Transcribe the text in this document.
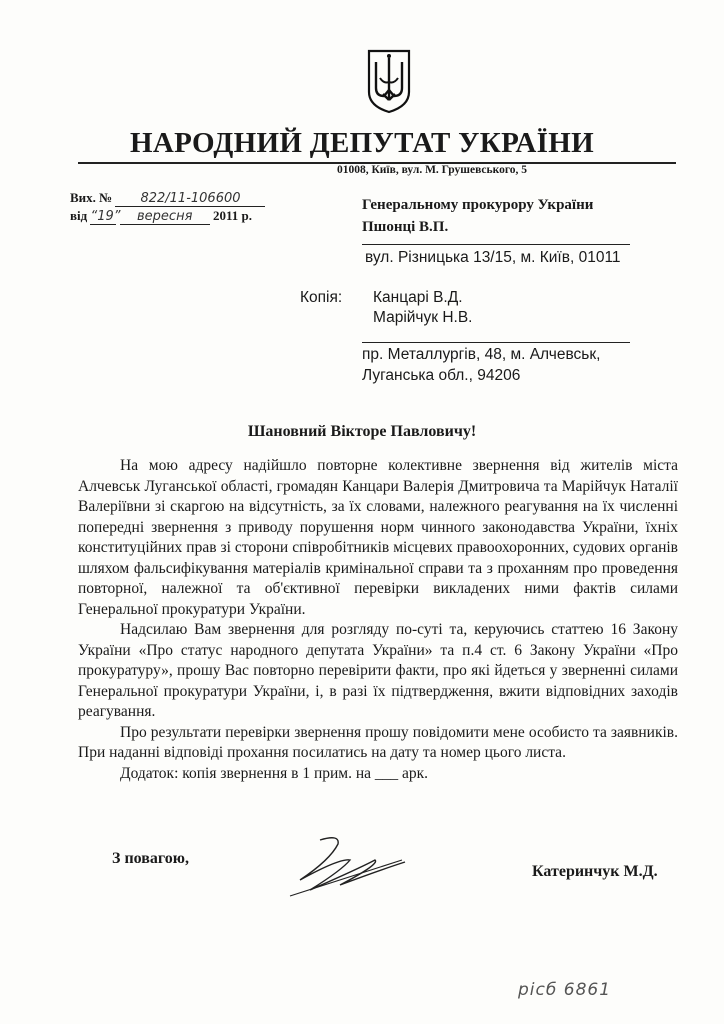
НАРОДНИЙ ДЕПУТАТ УКРАЇНИ
01008, Київ, вул. М. Грушевського, 5
Вих. № 822/11-106600
від “19” вересня 2011 р.
Генеральному прокурору України
Пшонці В.П.
вул. Різницька 13/15, м. Київ, 01011
Копія: Канцарі В.Д.
Марійчук Н.В.
пр. Металлургів, 48, м. Алчевськ,
Луганська обл., 94206
Шановний Вікторе Павловичу!

На мою адресу надійшло повторне колективне звернення від жителів міста Алчевськ Луганської області, громадян Канцари Валерія Дмитровича та Марійчук Наталії Валеріївни зі скаргою на відсутність, за їх словами, належного реагування на їх численні попередні звернення з приводу порушення норм чинного законодавства України, їхніх конституційних прав зі сторони співробітників місцевих правоохоронних, судових органів шляхом фальсифікування матеріалів кримінальної справи та з проханням про проведення повторної, належної та об'єктивної перевірки викладених ними фактів силами Генеральної прокуратури України.

Надсилаю Вам звернення для розгляду по-суті та, керуючись статтею 16 Закону України «Про статус народного депутата України» та п.4 ст. 6 Закону України «Про прокуратуру», прошу Вас повторно перевірити факти, про які йдеться у зверненні силами Генеральної прокуратури України, і, в разі їх підтвердження, вжити відповідних заходів реагування.

Про результати перевірки звернення прошу повідомити мене особисто та заявників. При наданні відповіді прохання посилатись на дату та номер цього листа.

Додаток: копія звернення в 1 прим. на ___ арк.

З повагою,
Катеринчук М.Д.
рісб 6861
